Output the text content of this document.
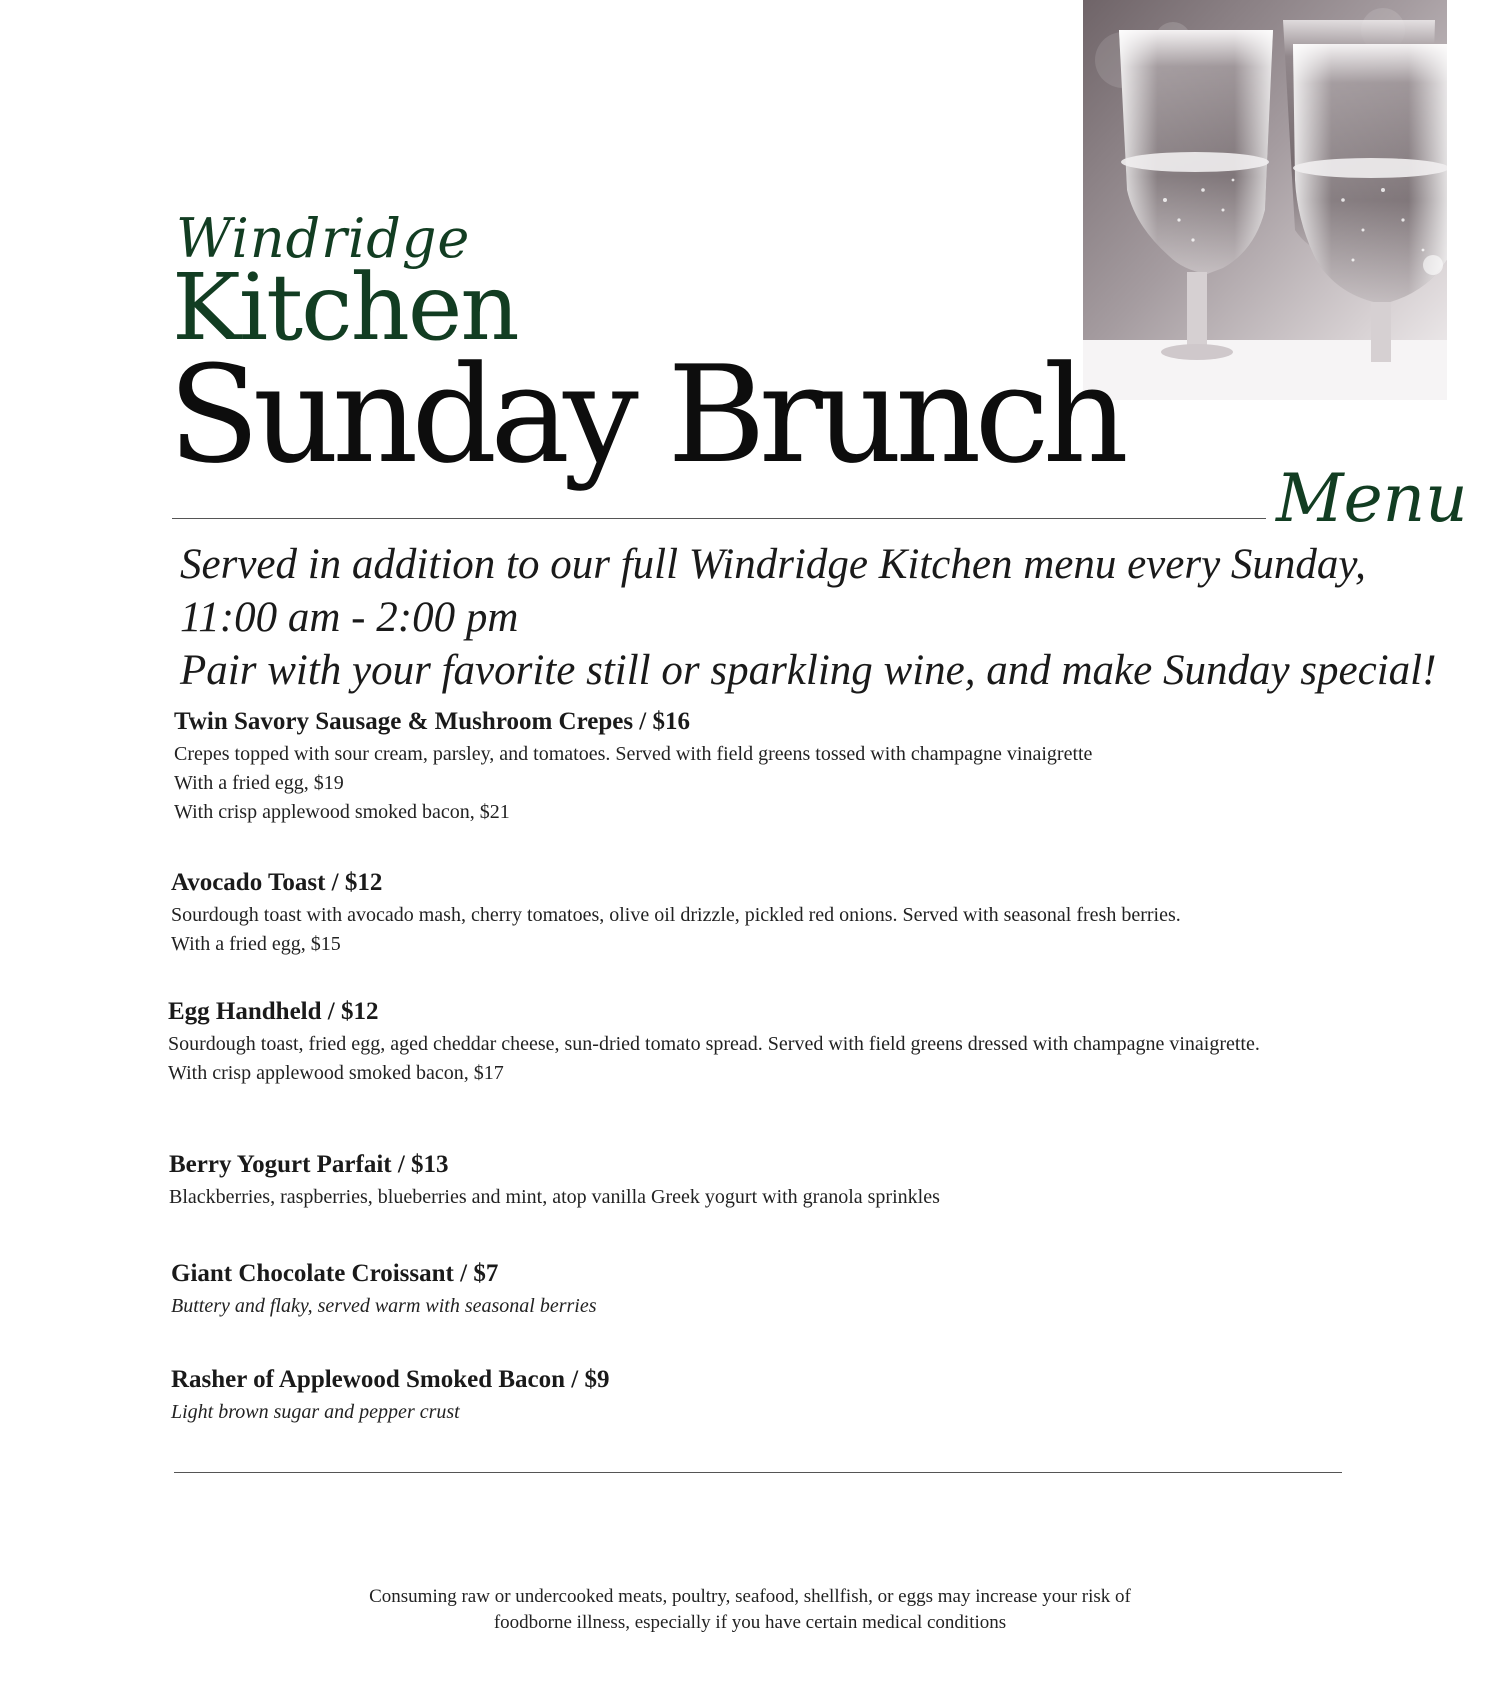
Windridge
Kitchen
Sunday Brunch
Menu
Served in addition to our full Windridge Kitchen menu every Sunday,
11:00 am - 2:00 pm
Pair with your favorite still or sparkling wine, and make Sunday special!
Twin Savory Sausage & Mushroom Crepes / $16
Crepes topped with sour cream, parsley, and tomatoes. Served with field greens tossed with champagne vinaigrette
With a fried egg, $19
With crisp applewood smoked bacon, $21
Avocado Toast / $12
Sourdough toast with avocado mash, cherry tomatoes, olive oil drizzle, pickled red onions. Served with seasonal fresh berries.
With a fried egg, $15
Egg Handheld / $12
Sourdough toast, fried egg, aged cheddar cheese, sun-dried tomato spread. Served with field greens dressed with champagne vinaigrette.
With crisp applewood smoked bacon, $17
Berry Yogurt Parfait / $13
Blackberries, raspberries, blueberries and mint, atop vanilla Greek yogurt with granola sprinkles
Giant Chocolate Croissant / $7
Buttery and flaky, served warm with seasonal berries
Rasher of Applewood Smoked Bacon / $9
Light brown sugar and pepper crust
Consuming raw or undercooked meats, poultry, seafood, shellfish, or eggs may increase your risk of
foodborne illness, especially if you have certain medical conditions
